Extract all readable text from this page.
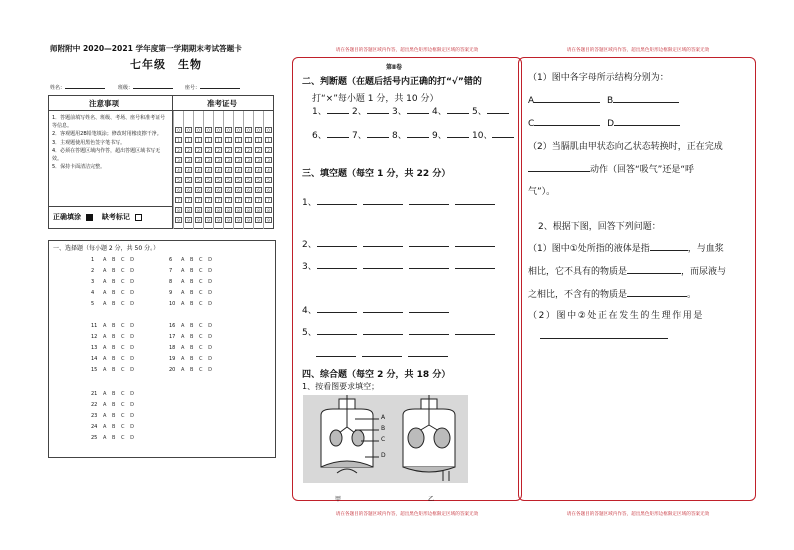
师附附中 2020—2021 学年度第一学期期末考试答题卡
七年级　生物
姓名：	班级：	座号：
注意事项	准考证号
1．答题前填写姓名、班级、考场、座号和准考证号等信息。
2．客观题用2B铅笔填涂；修改时用橡皮擦干净。
3．主观题使用黑色签字笔书写。
4．必须在答题区域内作答，超出答题区域书写无效。
5．保持卡面清洁完整。
正确填涂	缺考标记
0	0	0	0	0	0	0	0	0	0
1	1	1	1	1	1	1	1	1	1
2	2	2	2	2	2	2	2	2	2
3	3	3	3	3	3	3	3	3	3
4	4	4	4	4	4	4	4	4	4
5	5	5	5	5	5	5	5	5	5
6	6	6	6	6	6	6	6	6	6
7	7	7	7	7	7	7	7	7	7
8	8	8	8	8	8	8	8	8	8
9	9	9	9	9	9	9	9	9	9
一、选择题（每小题 2 分，共 50 分。）
1 A B C D
2 A B C D
3 A B C D
4 A B C D
5 A B C D
6 A B C D
7 A B C D
8 A B C D
9 A B C D
10 A B C D
11 A B C D
12 A B C D
13 A B C D
14 A B C D
15 A B C D
16 A B C D
17 A B C D
18 A B C D
19 A B C D
20 A B C D
21 A B C D
22 A B C D
23 A B C D
24 A B C D
25 A B C D
请在各题目的答题区域内作答，超出黑色矩形边框限定区域的答案无效
请在各题目的答题区域内作答，超出黑色矩形边框限定区域的答案无效
第Ⅱ卷
二、判断题（在题后括号内正确的打“√”错的
打“×”每小题 1 分，共 10 分）
1、	2、	3、	4、	5、
6、	7、	8、	9、	10、
三、填空题（每空 1 分，共 22 分）
1、
2、
3、
4、
5、
四、综合题（每空 2 分，共 18 分）
1、按看图要求填空；
A
B
C
D
甲	乙
请在各题目的答题区域内作答，超出黑色矩形边框限定区域的答案无效
请在各题目的答题区域内作答，超出黑色矩形边框限定区域的答案无效
（1）图中各字母所示结构分别为：
A	B
C	D
（2）当膈肌由甲状态向乙状态转换时，正在完成
动作（回答“吸气”还是“呼
气”）。
2、根据下图，回答下列问题：
（1）图中①处所指的液体是指	，与血浆
相比，它不具有的物质是	，而尿液与
之相比，不含有的物质是	。
（2）图中②处正在发生的生理作用是
